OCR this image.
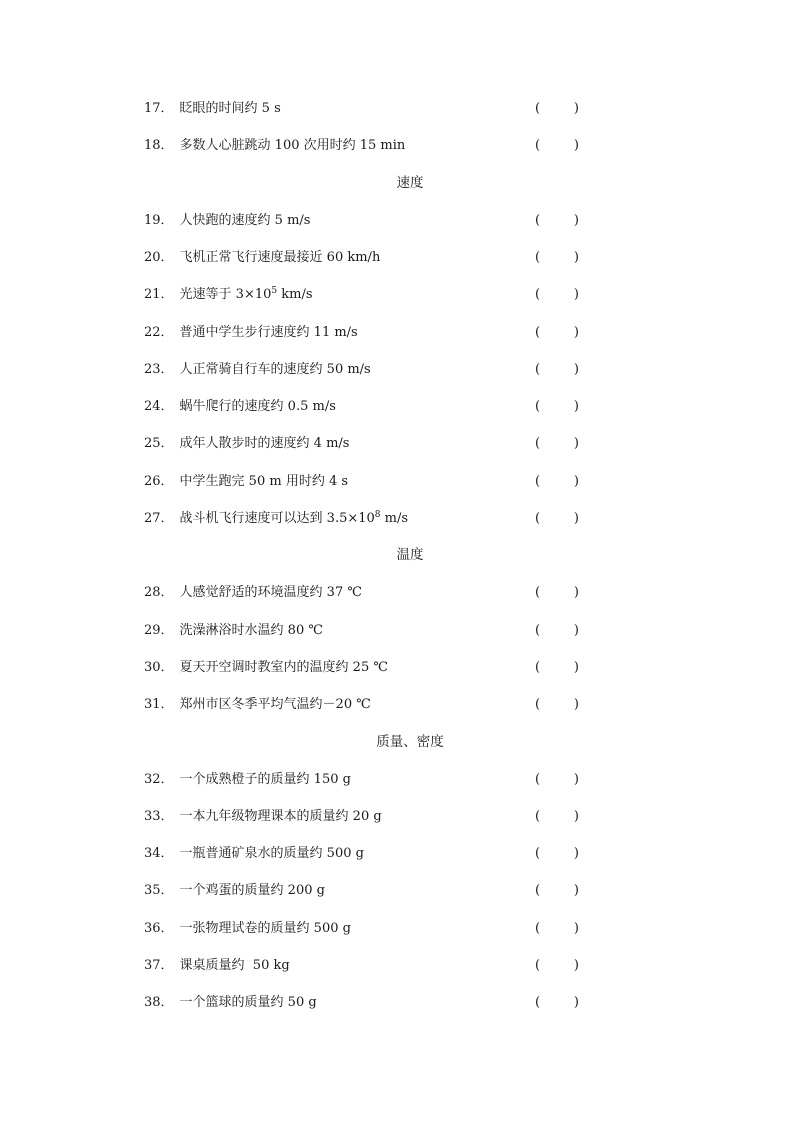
17． 眨眼的时间约 5 s	(	)
18． 多数人心脏跳动 100 次用时约 15 min	(	)
速度
19． 人快跑的速度约 5 m/s	(	)
20． 飞机正常飞行速度最接近 60 km/h	(	)
21． 光速等于 $3\times 10^5$ km/s	(	)
22． 普通中学生步行速度约 11 m/s	(	)
23． 人正常骑自行车的速度约 50 m/s	(	)
24． 蜗牛爬行的速度约 0.5 m/s	(	)
25． 成年人散步时的速度约 4 m/s	(	)
26． 中学生跑完 50 m 用时约 4 s	(	)
27． 战斗机飞行速度可以达到 $3.5\times 10^8$ m/s	(	)
温度
28． 人感觉舒适的环境温度约 37 ℃	(	)
29． 洗澡淋浴时水温约 80 ℃	(	)
30． 夏天开空调时教室内的温度约 25 ℃	(	)
31． 郑州市区冬季平均气温约－20 ℃	(	)
质量、密度
32． 一个成熟橙子的质量约 150 g	(	)
33． 一本九年级物理课本的质量约 20 g	(	)
34． 一瓶普通矿泉水的质量约 500 g	(	)
35． 一个鸡蛋的质量约 200 g	(	)
36． 一张物理试卷的质量约 500 g	(	)
37． 课桌质量约  50 kg	(	)
38． 一个篮球的质量约 50 g	(	)
